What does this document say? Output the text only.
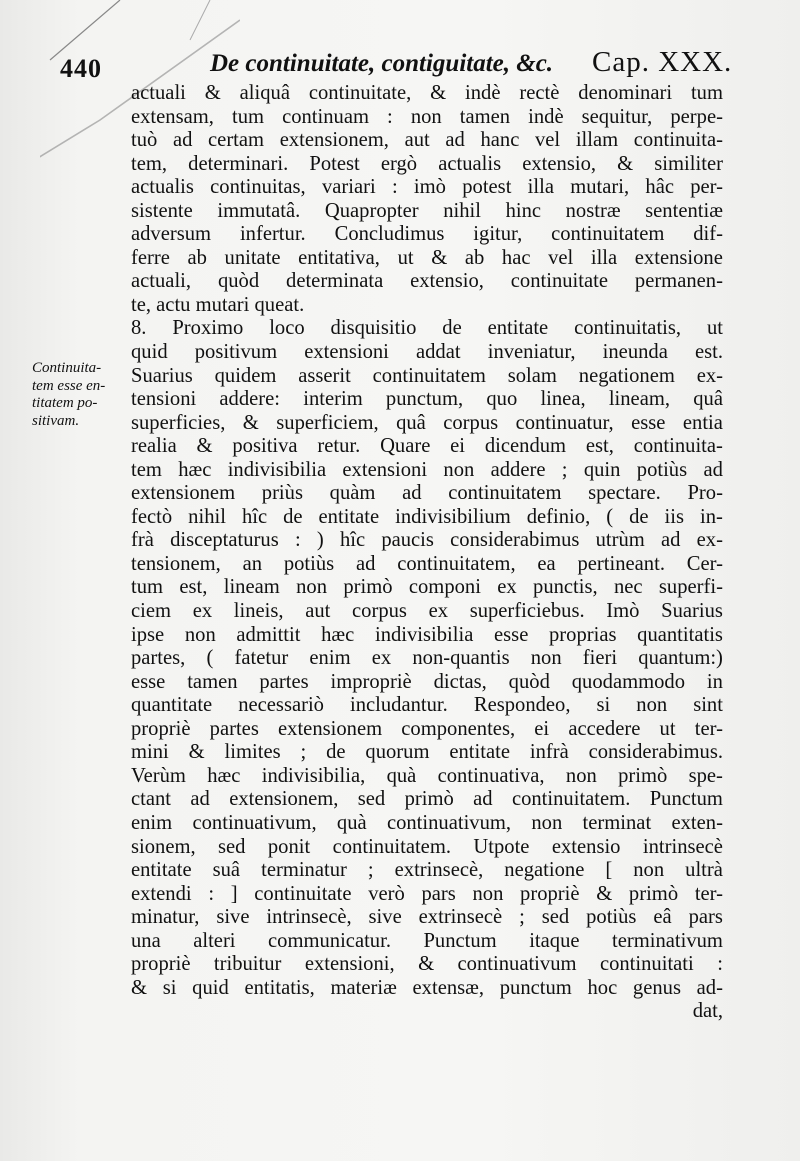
440	De continuitate, contiguitate, &c. Cap. XXX.
Continuita-
tem esse en-
titatem po-
sitivam.
actuali & aliquâ continuitate, & indè rectè denominari tum
extensam, tum continuam : non tamen indè sequitur, perpe-
tuò ad certam extensionem, aut ad hanc vel illam continuita-
tem, determinari. Potest ergò actualis extensio, & similiter
actualis continuitas, variari : imò potest illa mutari, hâc per-
sistente immutatâ. Quapropter nihil hinc nostræ sententiæ
adversum infertur. Concludimus igitur, continuitatem dif-
ferre ab unitate entitativa, ut & ab hac vel illa extensione
actuali, quòd determinata extensio, continuitate permanen-
te, actu mutari queat.
8. Proximo loco disquisitio de entitate continuitatis, ut
quid positivum extensioni addat inveniatur, ineunda est.
Suarius quidem asserit continuitatem solam negationem ex-
tensioni addere: interim punctum, quo linea, lineam, quâ
superficies, & superficiem, quâ corpus continuatur, esse entia
realia & positiva retur. Quare ei dicendum est, continuita-
tem hæc indivisibilia extensioni non addere ; quin potiùs ad
extensionem priùs quàm ad continuitatem spectare. Pro-
fectò nihil hîc de entitate indivisibilium definio, ( de iis in-
frà disceptaturus : ) hîc paucis considerabimus utrùm ad ex-
tensionem, an potiùs ad continuitatem, ea pertineant. Cer-
tum est, lineam non primò componi ex punctis, nec superfi-
ciem ex lineis, aut corpus ex superficiebus. Imò Suarius
ipse non admittit hæc indivisibilia esse proprias quantitatis
partes, ( fatetur enim ex non-quantis non fieri quantum:)
esse tamen partes impropriè dictas, quòd quodammodo in
quantitate necessariò includantur. Respondeo, si non sint
propriè partes extensionem componentes, ei accedere ut ter-
mini & limites ; de quorum entitate infrà considerabimus.
Verùm hæc indivisibilia, quà continuativa, non primò spe-
ctant ad extensionem, sed primò ad continuitatem. Punctum
enim continuativum, quà continuativum, non terminat exten-
sionem, sed ponit continuitatem. Utpote extensio intrinsecè
entitate suâ terminatur ; extrinsecè, negatione [ non ultrà
extendi : ] continuitate verò pars non propriè & primò ter-
minatur, sive intrinsecè, sive extrinsecè ; sed potiùs eâ pars
una alteri communicatur. Punctum itaque terminativum
propriè tribuitur extensioni, & continuativum continuitati :
& si quid entitatis, materiæ extensæ, punctum hoc genus ad-
dat,
